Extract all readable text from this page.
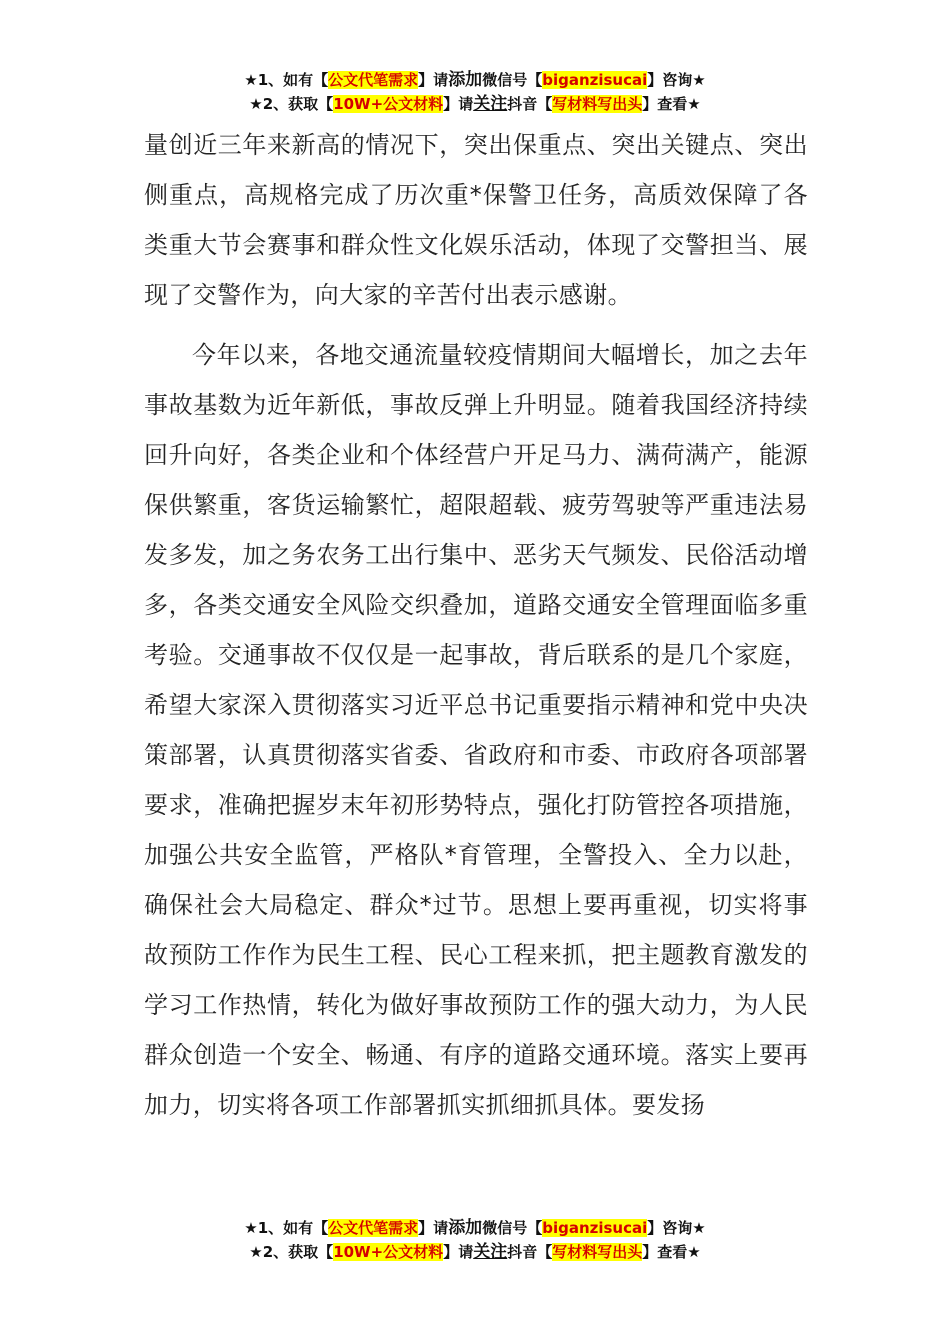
★1、如有【公文代笔需求】请添加微信号【biganzisucai】咨询★
★2、获取【10W+公文材料】请关注抖音【写材料写出头】查看★

量创近三年来新高的情况下，突出保重点、突出关键点、突出侧重点，高规格完成了历次重*保警卫任务，高质效保障了各类重大节会赛事和群众性文化娱乐活动，体现了交警担当、展现了交警作为，向大家的辛苦付出表示感谢。

今年以来，各地交通流量较疫情期间大幅增长，加之去年事故基数为近年新低，事故反弹上升明显。随着我国经济持续回升向好，各类企业和个体经营户开足马力、满荷满产，能源保供繁重，客货运输繁忙，超限超载、疲劳驾驶等严重违法易发多发，加之务农务工出行集中、恶劣天气频发、民俗活动增多，各类交通安全风险交织叠加，道路交通安全管理面临多重考验。交通事故不仅仅是一起事故，背后联系的是几个家庭，希望大家深入贯彻落实习近平总书记重要指示精神和党中央决策部署，认真贯彻落实省委、省政府和市委、市政府各项部署要求，准确把握岁末年初形势特点，强化打防管控各项措施，加强公共安全监管，严格队*育管理，全警投入、全力以赴，确保社会大局稳定、群众*过节。思想上要再重视，切实将事故预防工作作为民生工程、民心工程来抓，把主题教育激发的学习工作热情，转化为做好事故预防工作的强大动力，为人民群众创造一个安全、畅通、有序的道路交通环境。落实上要再加力，切实将各项工作部署抓实抓细抓具体。要发扬

★1、如有【公文代笔需求】请添加微信号【biganzisucai】咨询★
★2、获取【10W+公文材料】请关注抖音【写材料写出头】查看★
